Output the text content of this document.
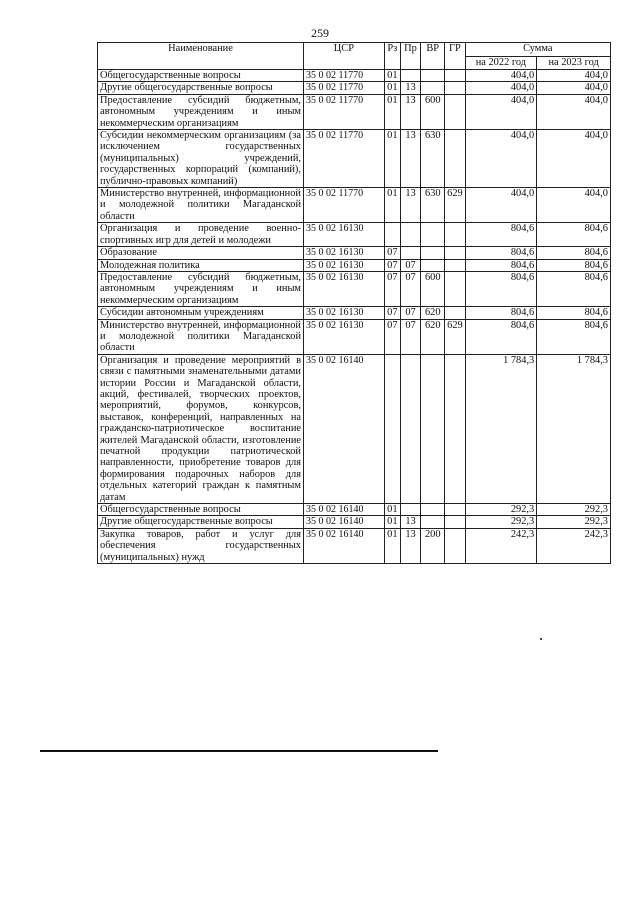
259
Наименование	ЦСР	Рз	Пр	ВР	ГР	Сумма	
						на 2022 год	на 2023 год
Общегосударственные вопросы	35 0 02 11770	01				404,0	404,0
Другие общегосударственные вопросы	35 0 02 11770	01	13			404,0	404,0
Предоставление субсидий бюджетным, автономным учреждениям и иным некоммерческим организациям	35 0 02 11770	01	13	600		404,0	404,0
Субсидии некоммерческим организациям (за исключением государственных (муниципальных) учреждений, государственных корпораций (компаний), публично-правовых компаний)	35 0 02 11770	01	13	630		404,0	404,0
Министерство внутренней, информационной и молодежной политики Магаданской области	35 0 02 11770	01	13	630	629	404,0	404,0
Организация и проведение военно-спортивных игр для детей и молодежи	35 0 02 16130					804,6	804,6
Образование	35 0 02 16130	07				804,6	804,6
Молодежная политика	35 0 02 16130	07	07			804,6	804,6
Предоставление субсидий бюджетным, автономным учреждениям и иным некоммерческим организациям	35 0 02 16130	07	07	600		804,6	804,6
Субсидии автономным учреждениям	35 0 02 16130	07	07	620		804,6	804,6
Министерство внутренней, информационной и молодежной политики Магаданской области	35 0 02 16130	07	07	620	629	804,6	804,6
Организация и проведение мероприятий в связи с памятными знаменательными датами истории России и Магаданской области, акций, фестивалей, творческих проектов, мероприятий, форумов, конкурсов, выставок, конференций, направленных на гражданско-патриотическое воспитание жителей Магаданской области, изготовление печатной продукции патриотической направленности, приобретение товаров для формирования подарочных наборов для отдельных категорий граждан к памятным датам	35 0 02 16140					1 784,3	1 784,3
Общегосударственные вопросы	35 0 02 16140	01				292,3	292,3
Другие общегосударственные вопросы	35 0 02 16140	01	13			292,3	292,3
Закупка товаров, работ и услуг для обеспечения государственных (муниципальных) нужд	35 0 02 16140	01	13	200		242,3	242,3
